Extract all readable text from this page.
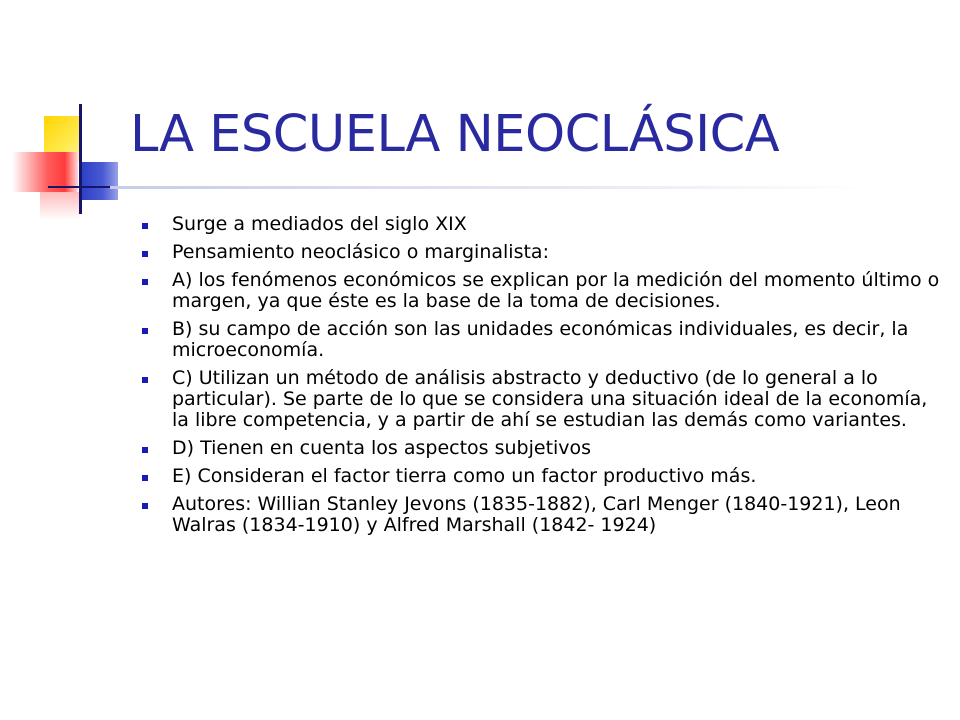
LA ESCUELA NEOCLÁSICA
Surge a mediados del siglo XIX
Pensamiento neoclásico o marginalista:
A) los fenómenos económicos se explican por la medición del momento último o margen, ya que éste es la base de la toma de decisiones.
B) su campo de acción son las unidades económicas individuales, es decir, la microeconomía.
C) Utilizan un método de análisis abstracto y deductivo (de lo general a lo particular). Se parte de lo que se considera una situación ideal de la economía, la libre competencia, y a partir de ahí se estudian las demás como variantes.
D) Tienen en cuenta los aspectos subjetivos
E) Consideran el factor tierra como un factor productivo más.
Autores: Willian Stanley Jevons (1835-1882), Carl Menger (1840-1921), Leon Walras (1834-1910) y Alfred Marshall (1842- 1924)
